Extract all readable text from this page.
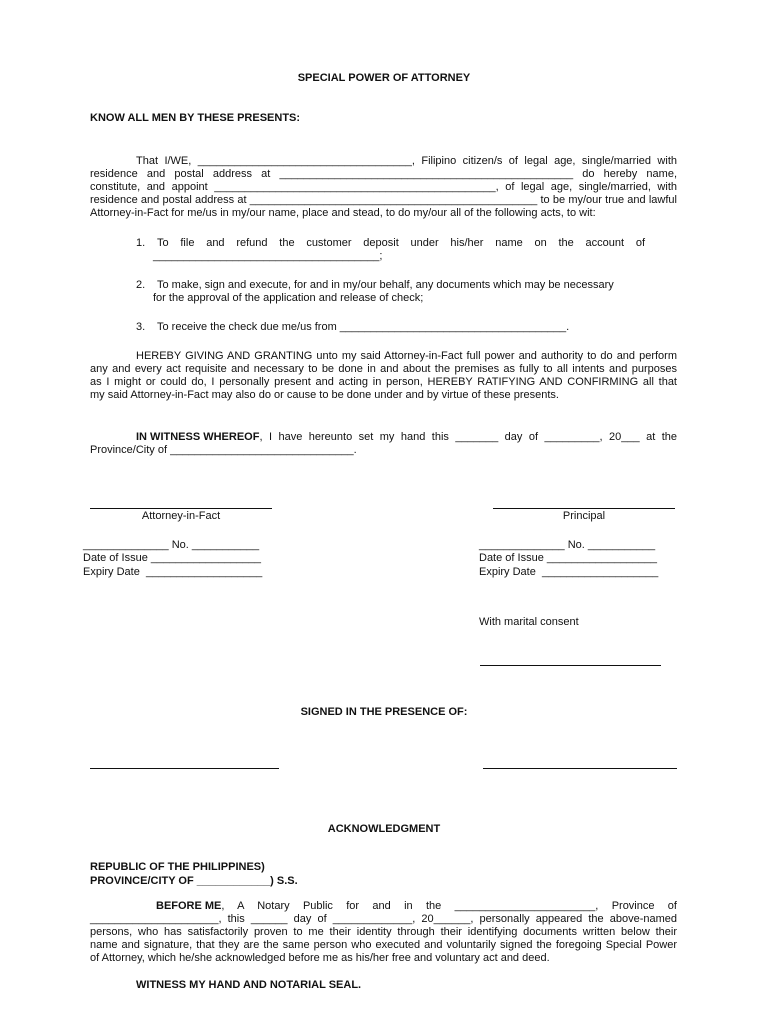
SPECIAL POWER OF ATTORNEY
KNOW ALL MEN BY THESE PRESENTS:
That I/WE, ___________________________________, Filipino citizen/s of legal age, single/married with
residence and postal address at ________________________________________________ do hereby name,
constitute, and appoint ______________________________________________, of legal age, single/married, with
residence and postal address at _______________________________________________ to be my/our true and lawful
Attorney-in-Fact for me/us in my/our name, place and stead, to do my/our all of the following acts, to wit:
1. To file and refund the customer deposit under his/her name on the account of
_____________________________________;
2. To make, sign and execute, for and in my/our behalf, any documents which may be necessary
for the approval of the application and release of check;
3. To receive the check due me/us from _____________________________________.
HEREBY GIVING AND GRANTING unto my said Attorney-in-Fact full power and authority to do and perform
any and every act requisite and necessary to be done in and about the premises as fully to all intents and purposes
as I might or could do, I personally present and acting in person, HEREBY RATIFYING AND CONFIRMING all that
my said Attorney-in-Fact may also do or cause to be done under and by virtue of these presents.
IN WITNESS WHEREOF , I have hereunto set my hand this _______ day of _________, 20___ at the
Province/City of ______________________________.
Attorney-in-Fact
______________ No. ___________
Date of Issue __________________
Expiry Date  ___________________
Principal
______________ No. ___________
Date of Issue __________________
Expiry Date  ___________________
With marital consent
SIGNED IN THE PRESENCE OF:
ACKNOWLEDGMENT
REPUBLIC OF THE PHILIPPINES)
PROVINCE/CITY OF ____________) S.S.
BEFORE ME , A Notary Public for and in the _______________________, Province of
_____________________, this ______ day of _____________, 20______, personally appeared the above-named
persons, who has satisfactorily proven to me their identity through their identifying documents written below their
name and signature, that they are the same person who executed and voluntarily signed the foregoing Special Power
of Attorney, which he/she acknowledged before me as his/her free and voluntary act and deed.
WITNESS MY HAND AND NOTARIAL SEAL.
